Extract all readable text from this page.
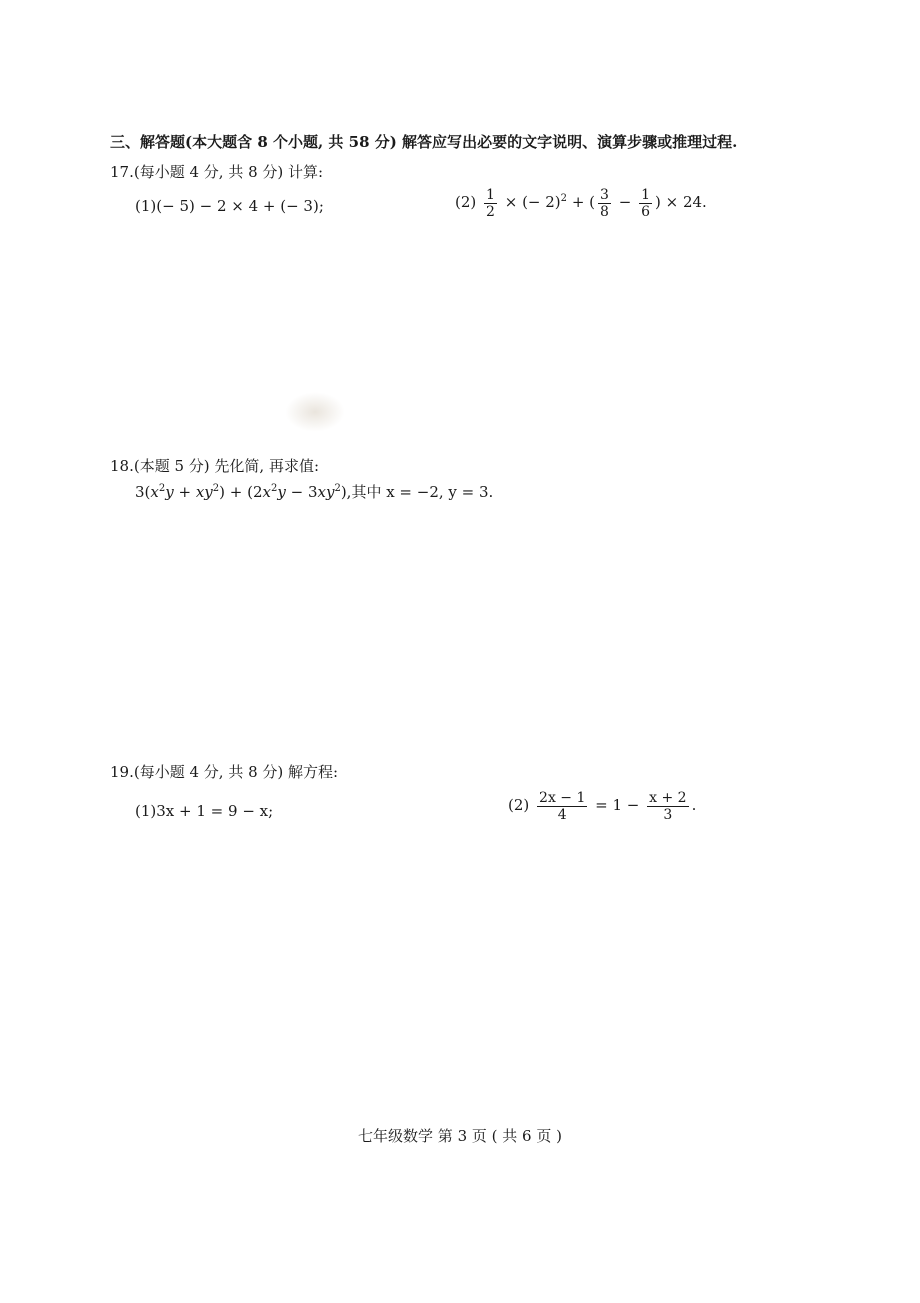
三、解答题(本大题含 8 个小题, 共 58 分) 解答应写出必要的文字说明、演算步骤或推理过程.
17.(每小题 4 分, 共 8 分) 计算:
(1)(− 5) − 2 × 4 + (− 3);	$(2) \frac{1}{2}$ × (− 2)$^2$ + ( $\frac{3}{8} - \frac{1}{6}$ ) × 24.
18.(本题 5 分) 先化简, 再求值:
$3(x^2y + xy^2) + (2x^2y - 3xy^2)$,其中 x = −2, y = 3.
19.(每小题 4 分, 共 8 分) 解方程:
(1)3x + 1 = 9 − x;	$(2) \frac{2x - 1}{4} = 1 - \frac{x + 2}{3}$ .
七年级数学 第 3 页 ( 共 6 页 )
